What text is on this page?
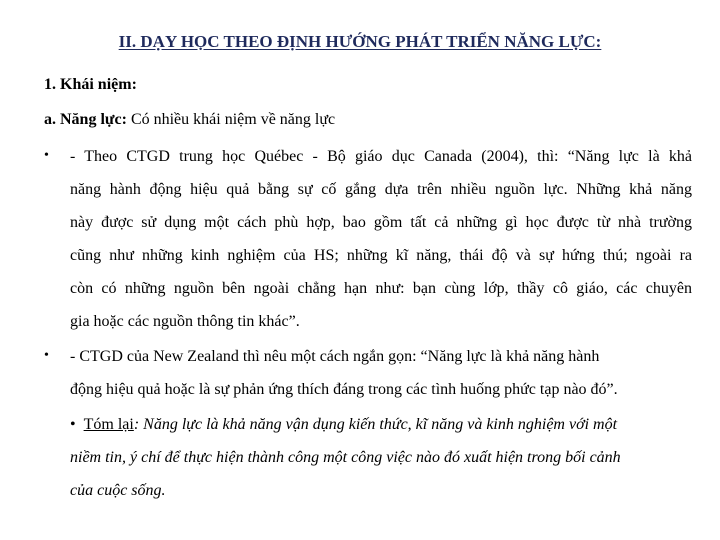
II. DẠY HỌC THEO ĐỊNH HƯỚNG PHÁT TRIỂN NĂNG LỰC:
1. Khái niệm:
a. Năng lực: Có nhiều khái niệm về năng lực
• - Theo CTGD trung học Québec - Bộ giáo dục Canada (2004), thì: “Năng lực là khả
năng hành động hiệu quả bằng sự cố gắng dựa trên nhiều nguồn lực. Những khả năng
này được sử dụng một cách phù hợp, bao gồm tất cả những gì học được từ nhà trường
cũng như những kinh nghiệm của HS; những kĩ năng, thái độ và sự hứng thú; ngoài ra
còn có những nguồn bên ngoài chẳng hạn như: bạn cùng lớp, thầy cô giáo, các chuyên
gia hoặc các nguồn thông tin khác”.
• - CTGD của New Zealand thì nêu một cách ngắn gọn: “Năng lực là khả năng hành
động hiệu quả hoặc là sự phản ứng thích đáng trong các tình huống phức tạp nào đó”.
• Tóm lại: Năng lực là khả năng vận dụng kiến thức, kĩ năng và kinh nghiệm với một
niềm tin, ý chí để thực hiện thành công một công việc nào đó xuất hiện trong bối cảnh
của cuộc sống.
